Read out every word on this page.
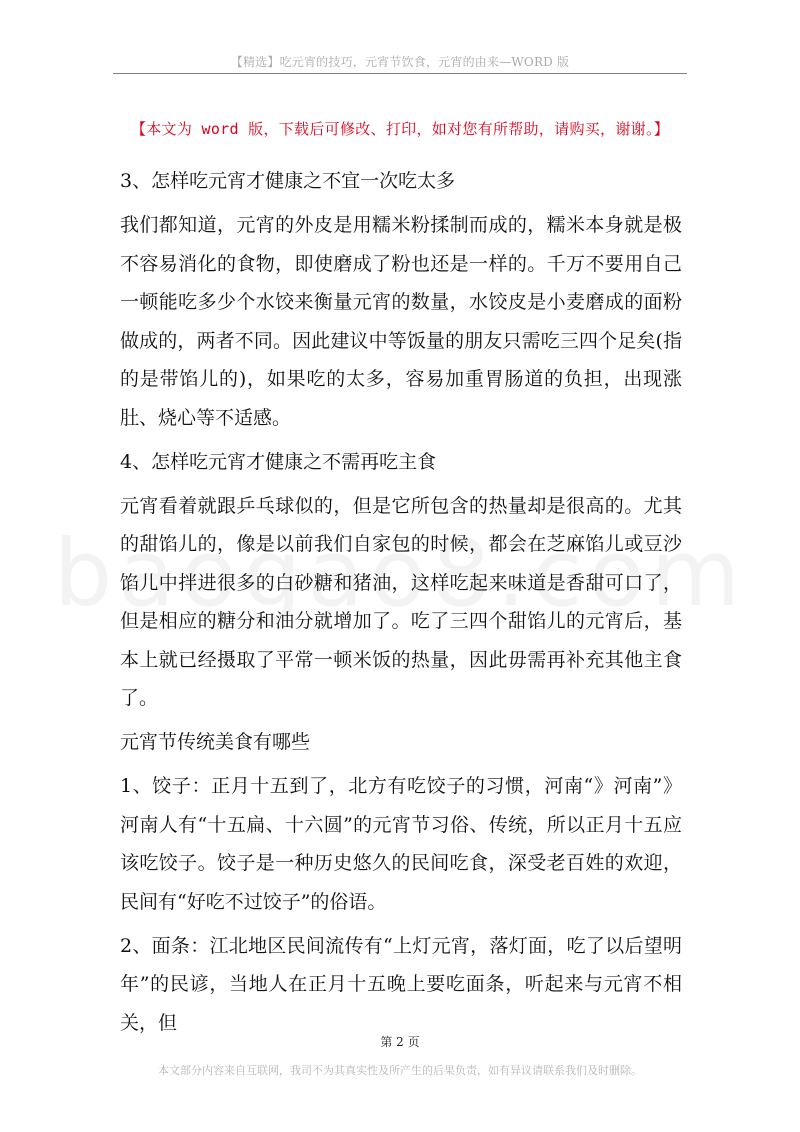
【精选】吃元宵的技巧，元宵节饮食，元宵的由来—WORD 版
【本文为 word 版，下载后可修改、打印，如对您有所帮助，请购买，谢谢。】

3、怎样吃元宵才健康之不宜一次吃太多

我们都知道，元宵的外皮是用糯米粉揉制而成的，糯米本身就是极不容易消化的食物，即使磨成了粉也还是一样的。千万不要用自己一顿能吃多少个水饺来衡量元宵的数量，水饺皮是小麦磨成的面粉做成的，两者不同。因此建议中等饭量的朋友只需吃三四个足矣(指的是带馅儿的)，如果吃的太多，容易加重胃肠道的负担，出现涨肚、烧心等不适感。

4、怎样吃元宵才健康之不需再吃主食

元宵看着就跟乒乓球似的，但是它所包含的热量却是很高的。尤其的甜馅儿的，像是以前我们自家包的时候，都会在芝麻馅儿或豆沙馅儿中拌进很多的白砂糖和猪油，这样吃起来味道是香甜可口了，但是相应的糖分和油分就增加了。吃了三四个甜馅儿的元宵后，基本上就已经摄取了平常一顿米饭的热量，因此毋需再补充其他主食了。

元宵节传统美食有哪些

1、饺子：正月十五到了，北方有吃饺子的习惯，河南“》河南”》河南人有“十五扁、十六圆”的元宵节习俗、传统，所以正月十五应该吃饺子。饺子是一种历史悠久的民间吃食，深受老百姓的欢迎，民间有“好吃不过饺子”的俗语。

2、面条：江北地区民间流传有“上灯元宵，落灯面，吃了以后望明年”的民谚，当地人在正月十五晚上要吃面条，听起来与元宵不相关，但

第 2 页
本文部分内容来自互联网，我司不为其真实性及所产生的后果负责，如有异议请联系我们及时删除。
